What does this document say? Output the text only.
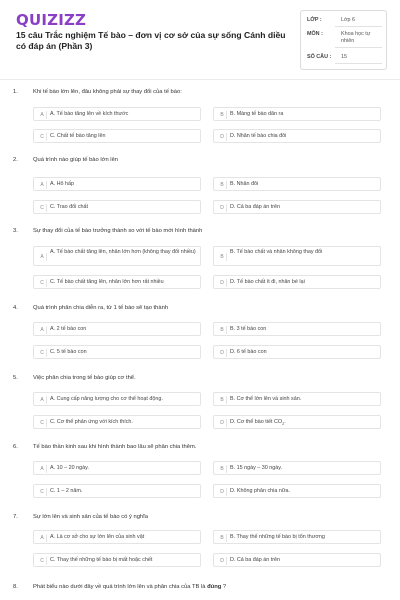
QUIZIZZ
15 câu Trắc nghiệm Tế bào – đơn vị cơ sở của sự sống Cánh diều có đáp án (Phần 3)
LỚP :	Lớp 6
MÔN :	Khoa học tự nhiên
SỐ CÂU : 15
1.	Khi tế bào lớn lên, đâu không phải sự thay đổi của tế bào:
A	A. Tế bào tăng lên về kích thước	B	B. Màng tế bào dãn ra
C	C. Chất tế bào tăng lên	D	D. Nhân tế bào chia đôi
2.	Quá trình nào giúp tế bào lớn lên
A	A. Hô hấp	B	B. Nhân đôi
C	C. Trao đổi chất	D	D. Cả ba đáp án trên
3.	Sự thay đổi của tế bào trưởng thành so với tế bào mới hình thành
A
A. Tế bào chất tăng lên, nhân lớn hơn (không thay đổi nhiều)
B
B. Tế bào chất và nhân không thay đổi
C	C. Tế bào chất tăng lên, nhân lớn hơn rất nhiều	D	D. Tế bào chất ít đi, nhân bé lại
4.	Quá trình phân chia diễn ra, từ 1 tế bào sẽ tạo thành
A	A. 2 tế bào con	B	B. 3 tế bào con
C	C. 5 tế bào con	D	D. 6 tế bào con
5.	Việc phân chia trong tế bào giúp cơ thể.
A	A. Cung cấp năng lượng cho cơ thể hoạt động.	B	B. Cơ thể lớn lên và sinh sản.
C	C. Cơ thể phản ứng với kích thích.	D	D. Cơ thể bào tiết $CO_2$.
6.	Tế bào thần kinh sau khi hình thành bao lâu sẽ phân chia thêm.
A	A. 10 – 20 ngày.	B	B. 15 ngày – 30 ngày.
C	C. 1 – 2 năm.	D	D. Không phân chia nữa.
7.	Sự lớn lên và sinh sản của tế bào có ý nghĩa
A	A. Là cơ sở cho sự lớn lên của sinh vật	B	B. Thay thế những tế bào bị tổn thương
C	C. Thay thế những tế bào bị mất hoặc chết	D	D. Cả ba đáp án trên
8.	Phát biểu nào dưới đây về quá trình lớn lên và phân chia của TB là đúng ?
